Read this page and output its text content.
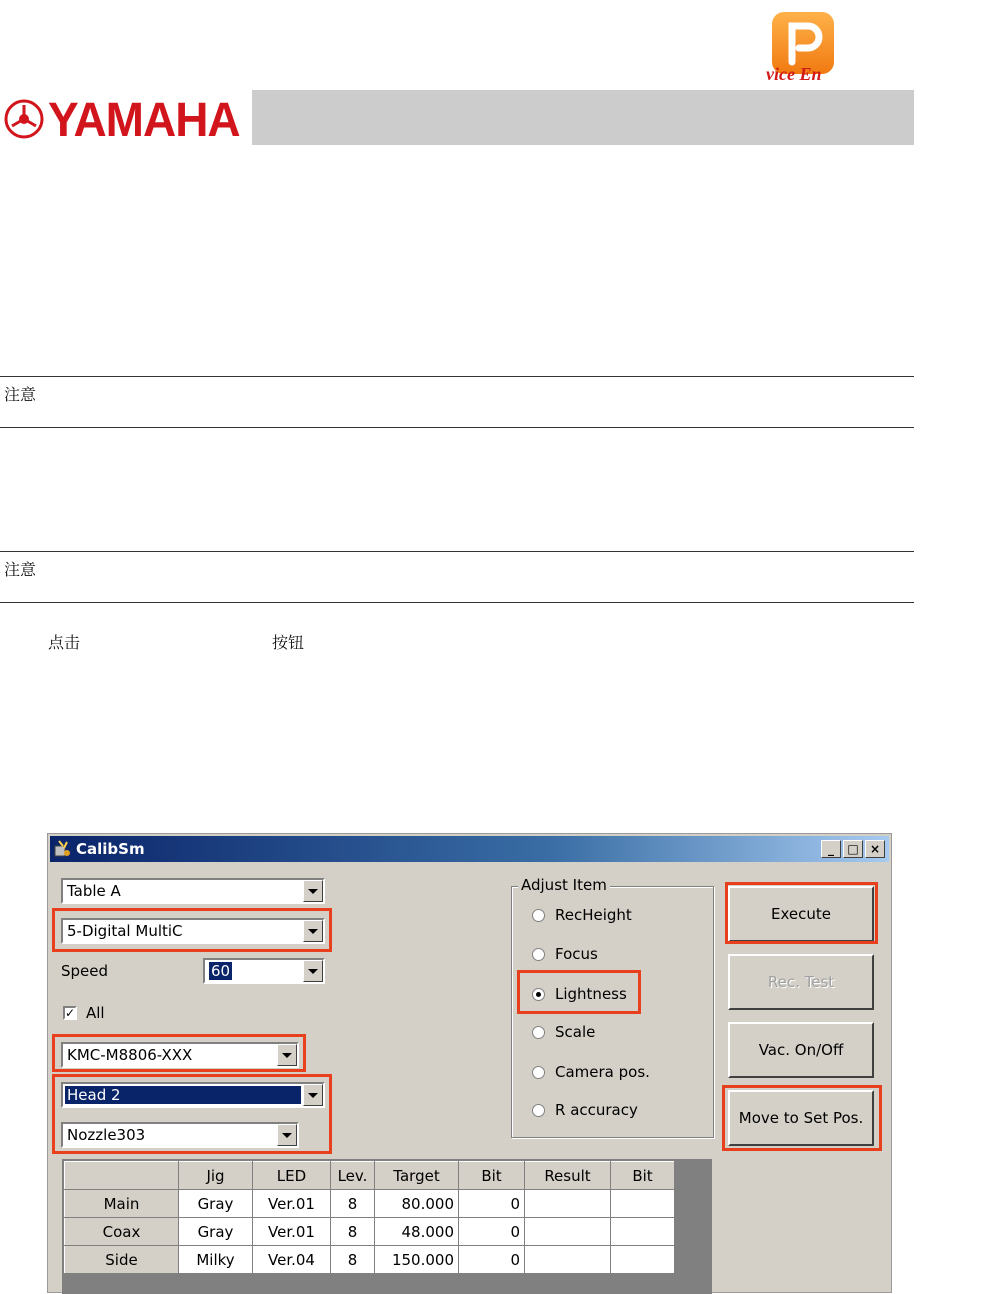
vice En
YAMAHA
注意
注意
点击	按钮
CalibSm	_	□ ×
Table A
5-Digital MultiC
Speed	60
✓ All
KMC-M8806-XXX
Head 2
Nozzle303
Adjust Item
RecHeight
Focus
Lightness
Scale
Camera pos.
R accuracy
Execute
Rec. Test
Vac. On/Off
Move to Set Pos.
	Jig	LED	Lev.	Target	Bit	Result	Bit
Main	Gray	Ver.01	8	80.000	0		
Coax	Gray	Ver.01	8	48.000	0		
Side	Milky	Ver.04	8	150.000	0		
